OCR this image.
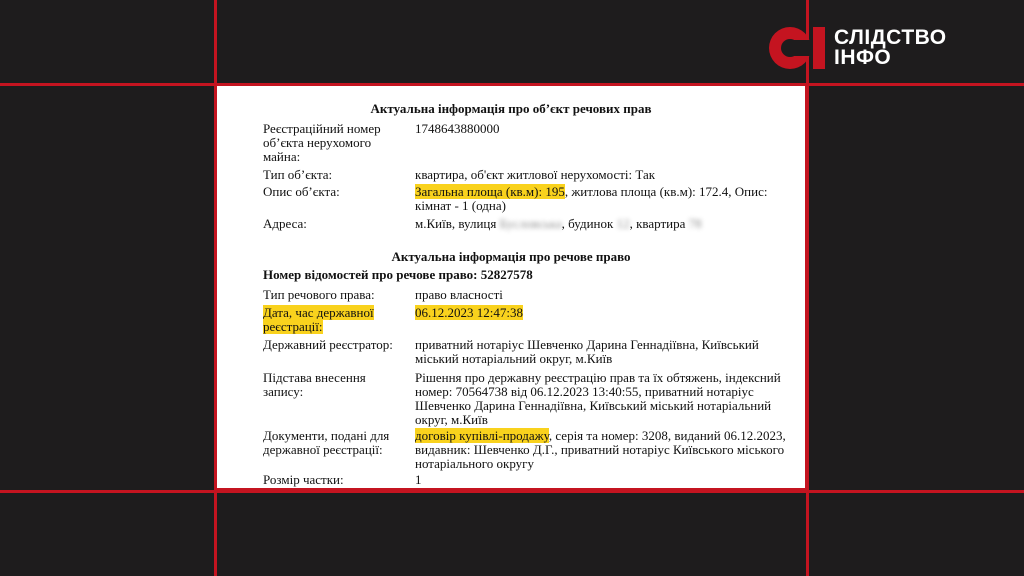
СІ
СЛІДСТВО
ІНФО
Актуальна інформація про об’єкт речових прав
Реєстраційний номер об’єкта нерухомого майна:
1748643880000
Тип об’єкта:	квартира, об'єкт житлової нерухомості: Так
Опис об’єкта:	Загальна площа (кв.м): 195, житлова площа (кв.м): 172.4, Опис: кімнат - 1 (одна)
Адреса:	м.Київ, вулиця Бусловська, будинок 12, квартира 78
Актуальна інформація про речове право
Номер відомостей про речове право: 52827578
Тип речового права:	право власності
Дата, час державної реєстрації:
06.12.2023 12:47:38
Державний реєстратор:	приватний нотаріус Шевченко Дарина Геннадіївна, Київський міський нотаріальний округ, м.Київ
Підстава внесення запису:
Рішення про державну реєстрацію прав та їх обтяжень, індексний номер: 70564738 від 06.12.2023 13:40:55, приватний нотаріус Шевченко Дарина Геннадіївна, Київський міський нотаріальний округ, м.Київ
Документи, подані для державної реєстрації:
договір купівлі-продажу, серія та номер: 3208, виданий 06.12.2023, видавник: Шевченко Д.Г., приватний нотаріус Київського міського нотаріального округу
Розмір частки:	1
